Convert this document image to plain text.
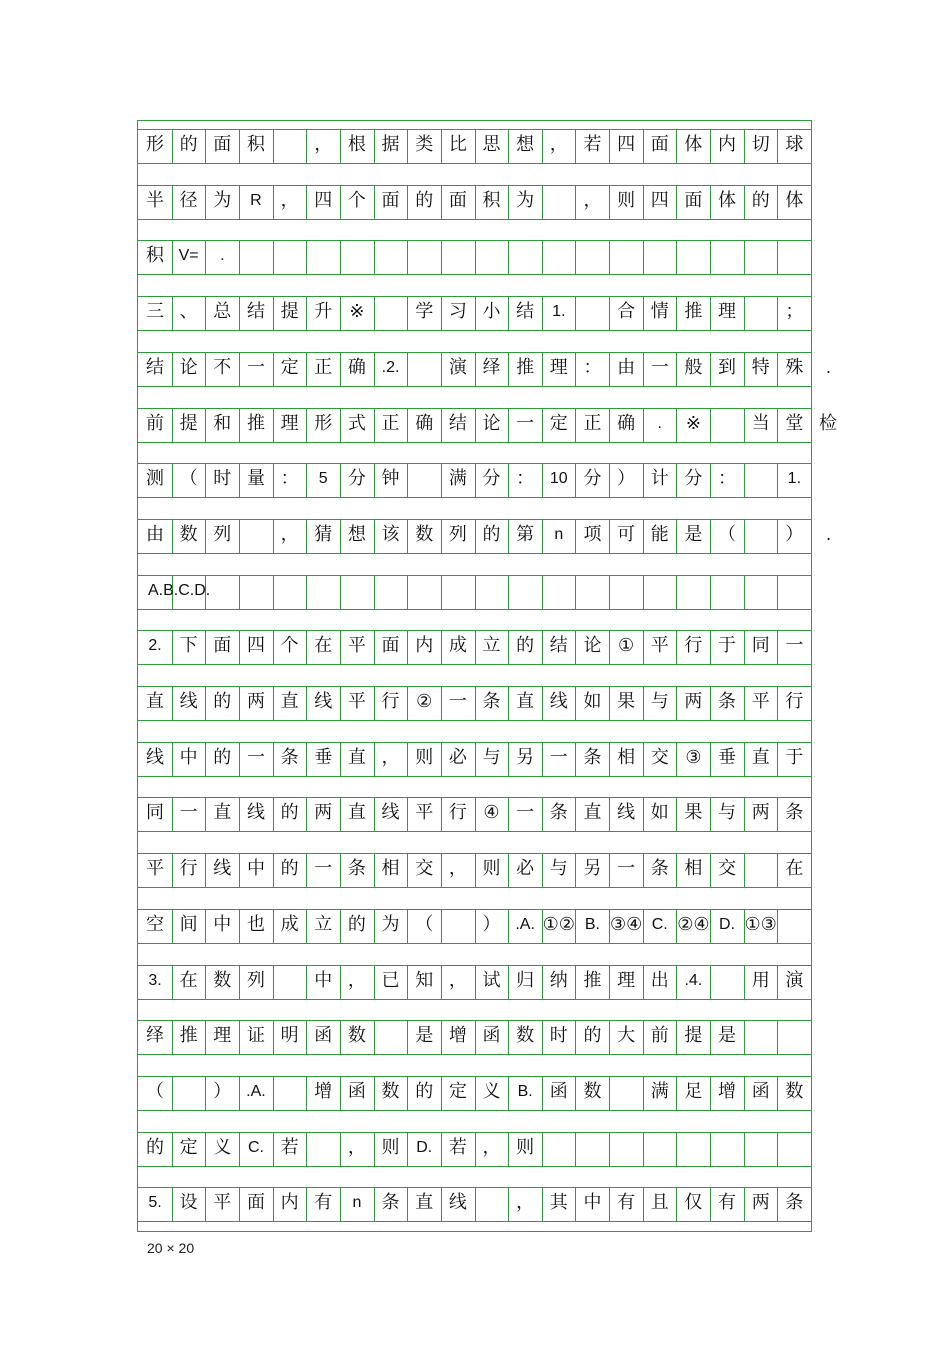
形 的 面 积	， 根 据 类 比 思 想 ， 若 四 面 体 内 切 球
半 径 为	R	， 四 个 面 的 面 积 为	， 则 四 面 体 的 体
积 V=	.
三 、 总 结 提 升 ※	学 习 小 结	1.	合 情 推 理	；
结 论 不 一 定 正 确 .2.	演 绎 推 理 ： 由 一 般 到 特 殊
前 提 和 推 理 形 式 正 确 结 论 一 定 正 确	.	※	当 堂 检
测 （ 时 量 ：	5	分 钟	满 分 ： 10 分 ） 计 分 ：	1.
由 数 列	， 猜 想 该 数 列 的 第	n	项 可 能 是 （	）
A.B.C.D.
2. 下 面 四 个 在 平 面 内 成 立 的 结 论 ① 平 行 于 同 一
直 线 的 两 直 线 平 行 ② 一 条 直 线 如 果 与 两 条 平 行
线 中 的 一 条 垂 直 ， 则 必 与 另 一 条 相 交 ③ 垂 直 于
同 一 直 线 的 两 直 线 平 行 ④ 一 条 直 线 如 果 与 两 条
平 行 线 中 的 一 条 相 交 ， 则 必 与 另 一 条 相 交	在
空 间 中 也 成 立 的 为 （	） .A. ①② B. ③④ C. ②④ D. ①③
3. 在 数 列	中 ， 已 知 ， 试 归 纳 推 理 出 .4.	用 演
绎 推 理 证 明 函 数	是 增 函 数 时 的 大 前 提 是
（	） .A.	增 函 数 的 定 义	B. 函 数	满 足 增 函 数
的 定 义	C. 若	， 则	D. 若 ， 则
5. 设 平 面 内 有	n	条 直 线	， 其 中 有 且 仅 有 两 条
20 × 20
.
.
